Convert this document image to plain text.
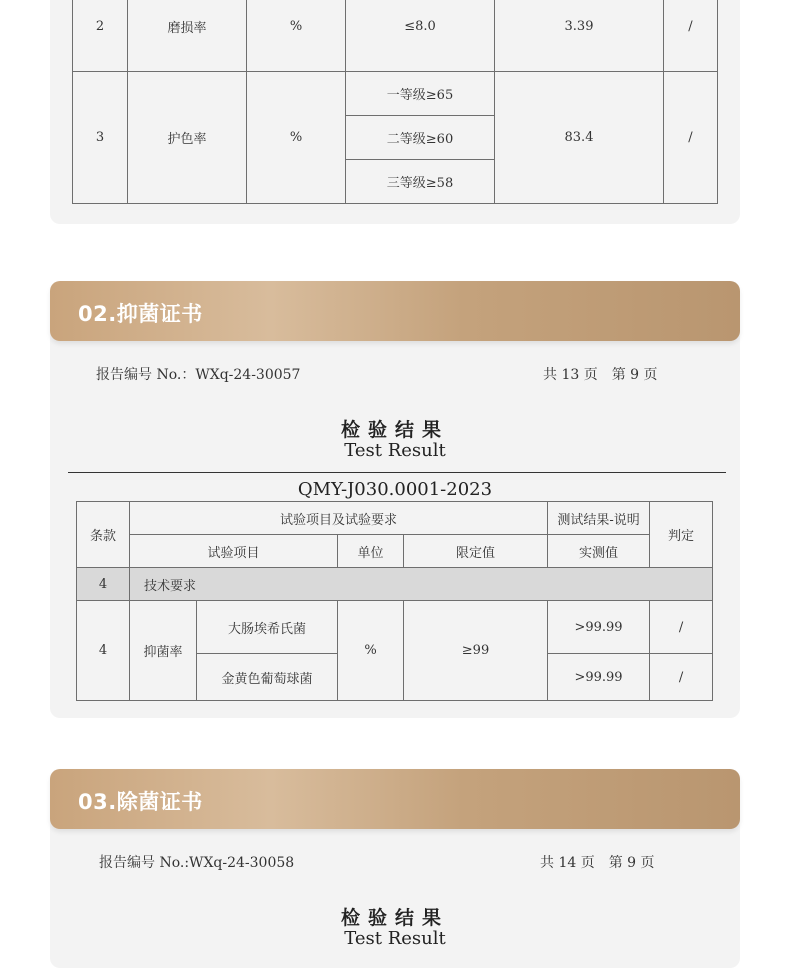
2	磨损率	%	≤8.0	3.39	/
3	护色率	%	一等级≥65	83.4	/
			二等级≥60		
			三等级≥58		
02.抑菌证书
报告编号 No.：WXq-24-30057	共 13 页　第 9 页
检验结果
Test Result
QMY-J030.0001-2023
条款	试验项目及试验要求				测试结果-说明	判定
	试验项目		单位	限定值	实测值	
4	技术要求					
4	抑菌率	大肠埃希氏菌	%	≥99	>99.99	/
		金黄色葡萄球菌			>99.99	/
03.除菌证书
报告编号 No.:WXq-24-30058	共 14 页　第 9 页
检验结果
Test Result
